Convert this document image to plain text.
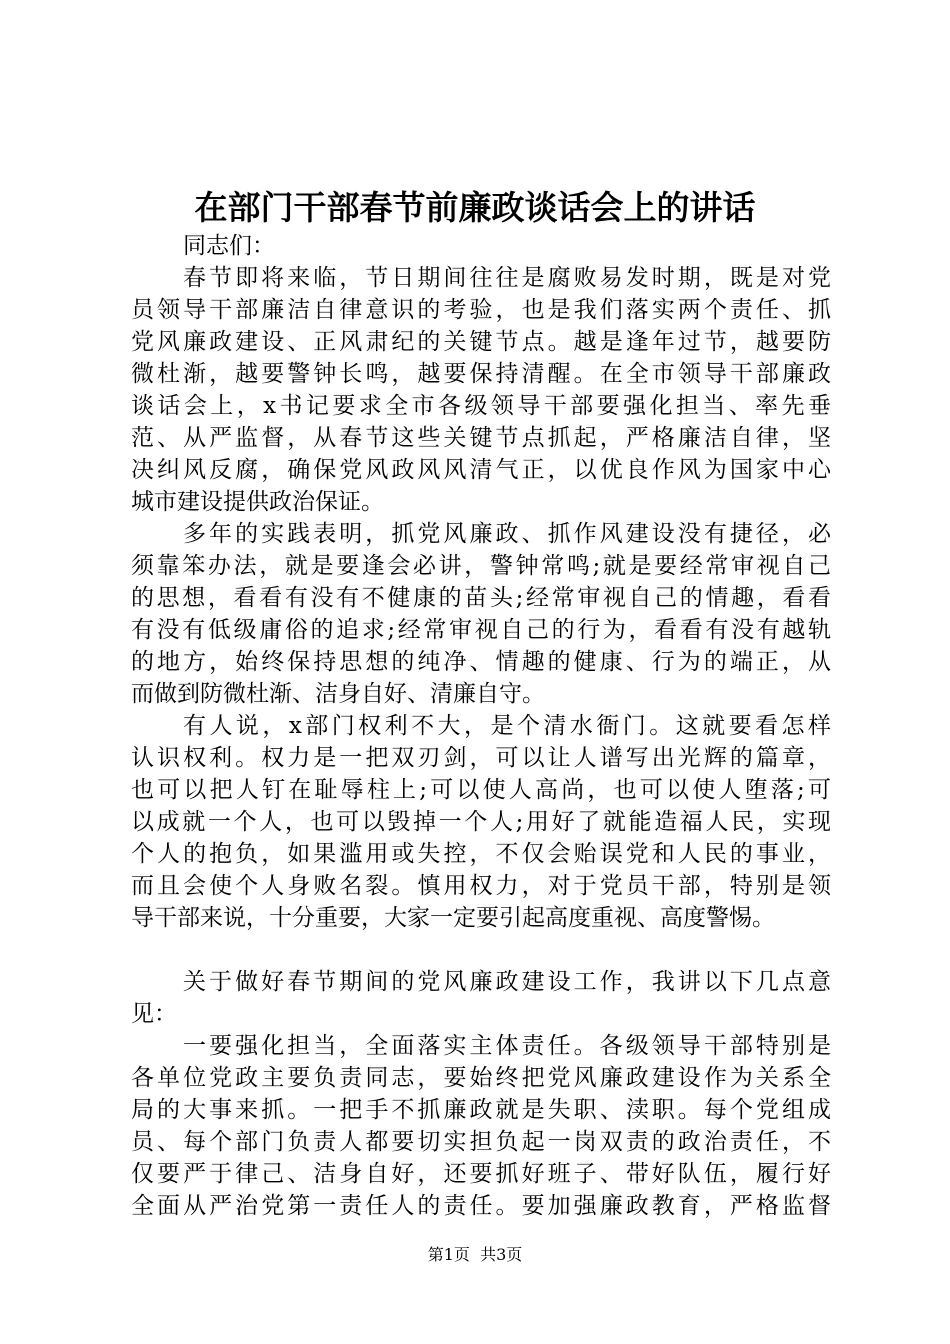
在部门干部春节前廉政谈话会上的讲话
同志们：
春节即将来临，节日期间往往是腐败易发时期，既是对党
员领导干部廉洁自律意识的考验，也是我们落实两个责任、抓
党风廉政建设、正风肃纪的关键节点。越是逢年过节，越要防
微杜渐，越要警钟长鸣，越要保持清醒。在全市领导干部廉政
谈话会上，x书记要求全市各级领导干部要强化担当、率先垂
范、从严监督，从春节这些关键节点抓起，严格廉洁自律，坚
决纠风反腐，确保党风政风风清气正，以优良作风为国家中心
城市建设提供政治保证。
多年的实践表明，抓党风廉政、抓作风建设没有捷径，必
须靠笨办法，就是要逢会必讲，警钟常鸣;就是要经常审视自己
的思想，看看有没有不健康的苗头;经常审视自己的情趣，看看
有没有低级庸俗的追求;经常审视自己的行为，看看有没有越轨
的地方，始终保持思想的纯净、情趣的健康、行为的端正，从
而做到防微杜渐、洁身自好、清廉自守。
有人说，x部门权利不大，是个清水衙门。这就要看怎样
认识权利。权力是一把双刃剑，可以让人谱写出光辉的篇章，
也可以把人钉在耻辱柱上;可以使人高尚，也可以使人堕落;可
以成就一个人，也可以毁掉一个人;用好了就能造福人民，实现
个人的抱负，如果滥用或失控，不仅会贻误党和人民的事业，
而且会使个人身败名裂。慎用权力，对于党员干部，特别是领
导干部来说，十分重要，大家一定要引起高度重视、高度警惕。
关于做好春节期间的党风廉政建设工作，我讲以下几点意
见：
一要强化担当，全面落实主体责任。各级领导干部特别是
各单位党政主要负责同志，要始终把党风廉政建设作为关系全
局的大事来抓。一把手不抓廉政就是失职、渎职。每个党组成
员、每个部门负责人都要切实担负起一岗双责的政治责任，不
仅要严于律己、洁身自好，还要抓好班子、带好队伍，履行好
全面从严治党第一责任人的责任。要加强廉政教育，严格监督
第1页  共3页
